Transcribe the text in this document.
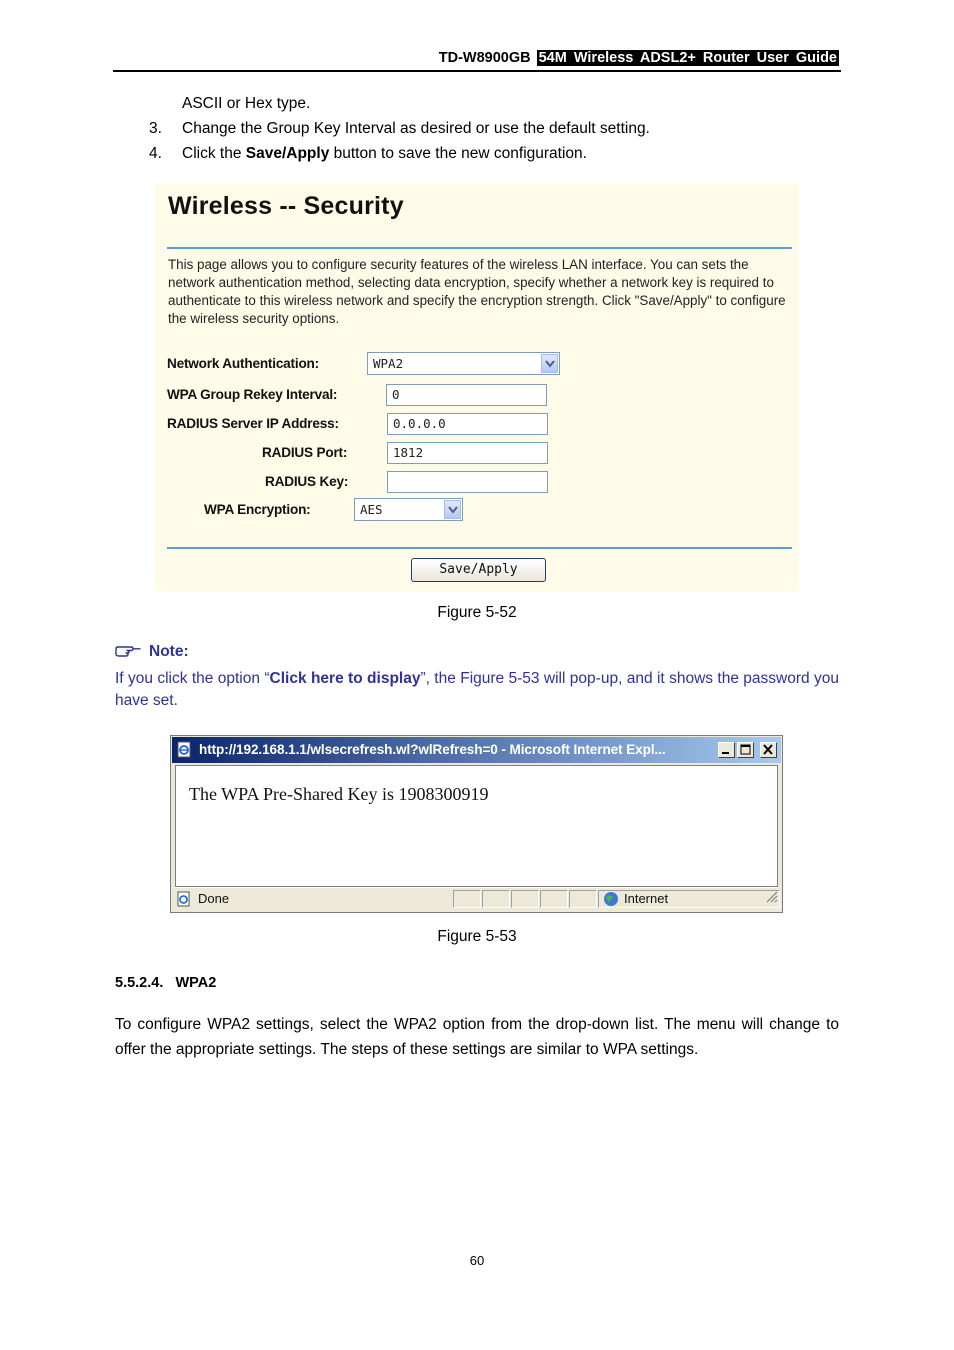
TD-W8900GB 54M Wireless ADSL2+ Router User Guide
ASCII or Hex type.
3. Change the Group Key Interval as desired or use the default setting.
4. Click the Save/Apply button to save the new configuration.
Wireless -- Security
This page allows you to configure security features of the wireless LAN interface. You can sets the network authentication method, selecting data encryption, specify whether a network key is required to authenticate to this wireless network and specify the encryption strength. Click "Save/Apply" to configure the wireless security options.
Network Authentication:	WPA2
WPA Group Rekey Interval:	0
RADIUS Server IP Address:	0.0.0.0
RADIUS Port:	1812
RADIUS Key:
WPA Encryption:	AES
Save/Apply
Figure 5-52
Note:
If you click the option “Click here to display”, the Figure 5-53 will pop-up, and it shows the password you have set.
http://192.168.1.1/wlsecrefresh.wl?wlRefresh=0 - Microsoft Internet Expl...
The WPA Pre-Shared Key is 1908300919
Done	Internet
Figure 5-53
5.5.2.4. WPA2
To configure WPA2 settings, select the WPA2 option from the drop-down list. The menu will change to offer the appropriate settings. The steps of these settings are similar to WPA settings.
60
